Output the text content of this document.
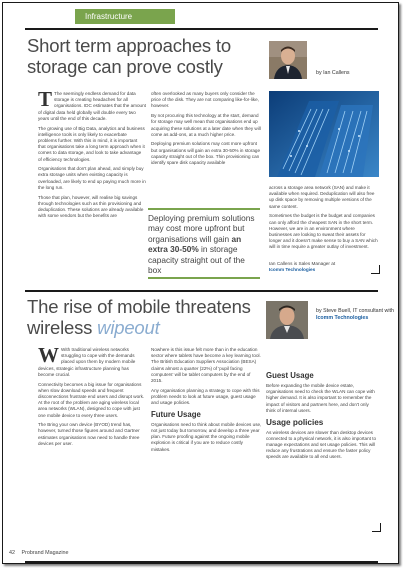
Infrastructure
Short term approaches to storage can prove costly	by Ian Callens

T The seemingly endless demand for data storage is creating headaches for all organisations. IDC estimates that the amount of digital data held globally will double every two years until the end of this decade.

The growing use of Big Data, analytics and business intelligence tools is only likely to exacerbate problems further. With this in mind, it is important that organisations take a long term approach when it comes to data storage, and look to take advantage of efficiency technologies.

Organisations that don't plan ahead, and simply buy extra storage units when existing capacity is overloaded, are likely to end up paying much more in the long run.

Those that plan, however, will realise big savings through technologies such as thin provisioning and deduplication. These solutions are already available with some vendors but the benefits are

often overlooked as many buyers only consider the price of the disk. They are not comparing like-for-like, however.

By not procuring this technology at the start, demand for storage may well mean that organisations end up acquiring these solutions at a later date when they will come as add-ons, at a much higher price.

Deploying premium solutions may cost more upfront but organisations will gain an extra 30-50% in storage capacity straight out of the box. Thin provisioning can identify spare disk capacity available

Deploying premium solutions may cost more upfront but organisations will gain an extra 30-50% in storage capacity straight out of the box

across a storage area network (SAN) and make it available when required. Deduplication will also free up disk space by removing multiple versions of the same content.

Sometimes the budget is the budget and companies can only afford the cheapest SAN in the short term. However, we are in an environment where businesses are looking to sweat their assets for longer and it doesn't make sense to buy a SAN which will in time require a greater outlay of investment.

Ian Callens is Sales Manager at
Icomm Technologies
The rise of mobile threatens wireless wipeout
by Steve Buell, IT consultant with
Icomm Technologies

W With traditional wireless networks struggling to cope with the demands placed upon them by modern mobile devices, strategic infrastructure planning has become crucial.

Connectivity becomes a big issue for organisations when slow download speeds and frequent disconnections frustrate end users and disrupt work. At the root of the problem are aging wireless local area networks (WLAN), designed to cope with just one mobile device to every three users.

The Bring your own device (BYOD) trend has, however, turned those figures around and Gartner estimates organisations now need to handle three devices per user.

Nowhere is this issue felt more than in the education sector where tablets have become a key learning tool. The British Education Suppliers Association (BESA) claims almost a quarter (22%) of 'pupil facing computers' will be tablet computers by the end of 2015.

Any organisation planning a strategy to cope with this problem needs to look at future usage, guest usage and usage policies.

Future Usage

Organisations need to think about mobile devices use, not just today but tomorrow, and develop a three year plan. Future proofing against the ongoing mobile explosion is critical if you are to reduce costly mistakes.

Guest Usage

Before expanding the mobile device estate, organisations need to check the WLAN can cope with higher demand. It is also important to remember the impact of visitors and partners here, and don't only think of internal users.

Usage policies

As wireless devices are slower than desktop devices connected to a physical network, it is also important to manage expectations and set usage policies. This will reduce any frustrations and ensure the faster policy speeds are available to all end users.

42 Probrand Magazine
